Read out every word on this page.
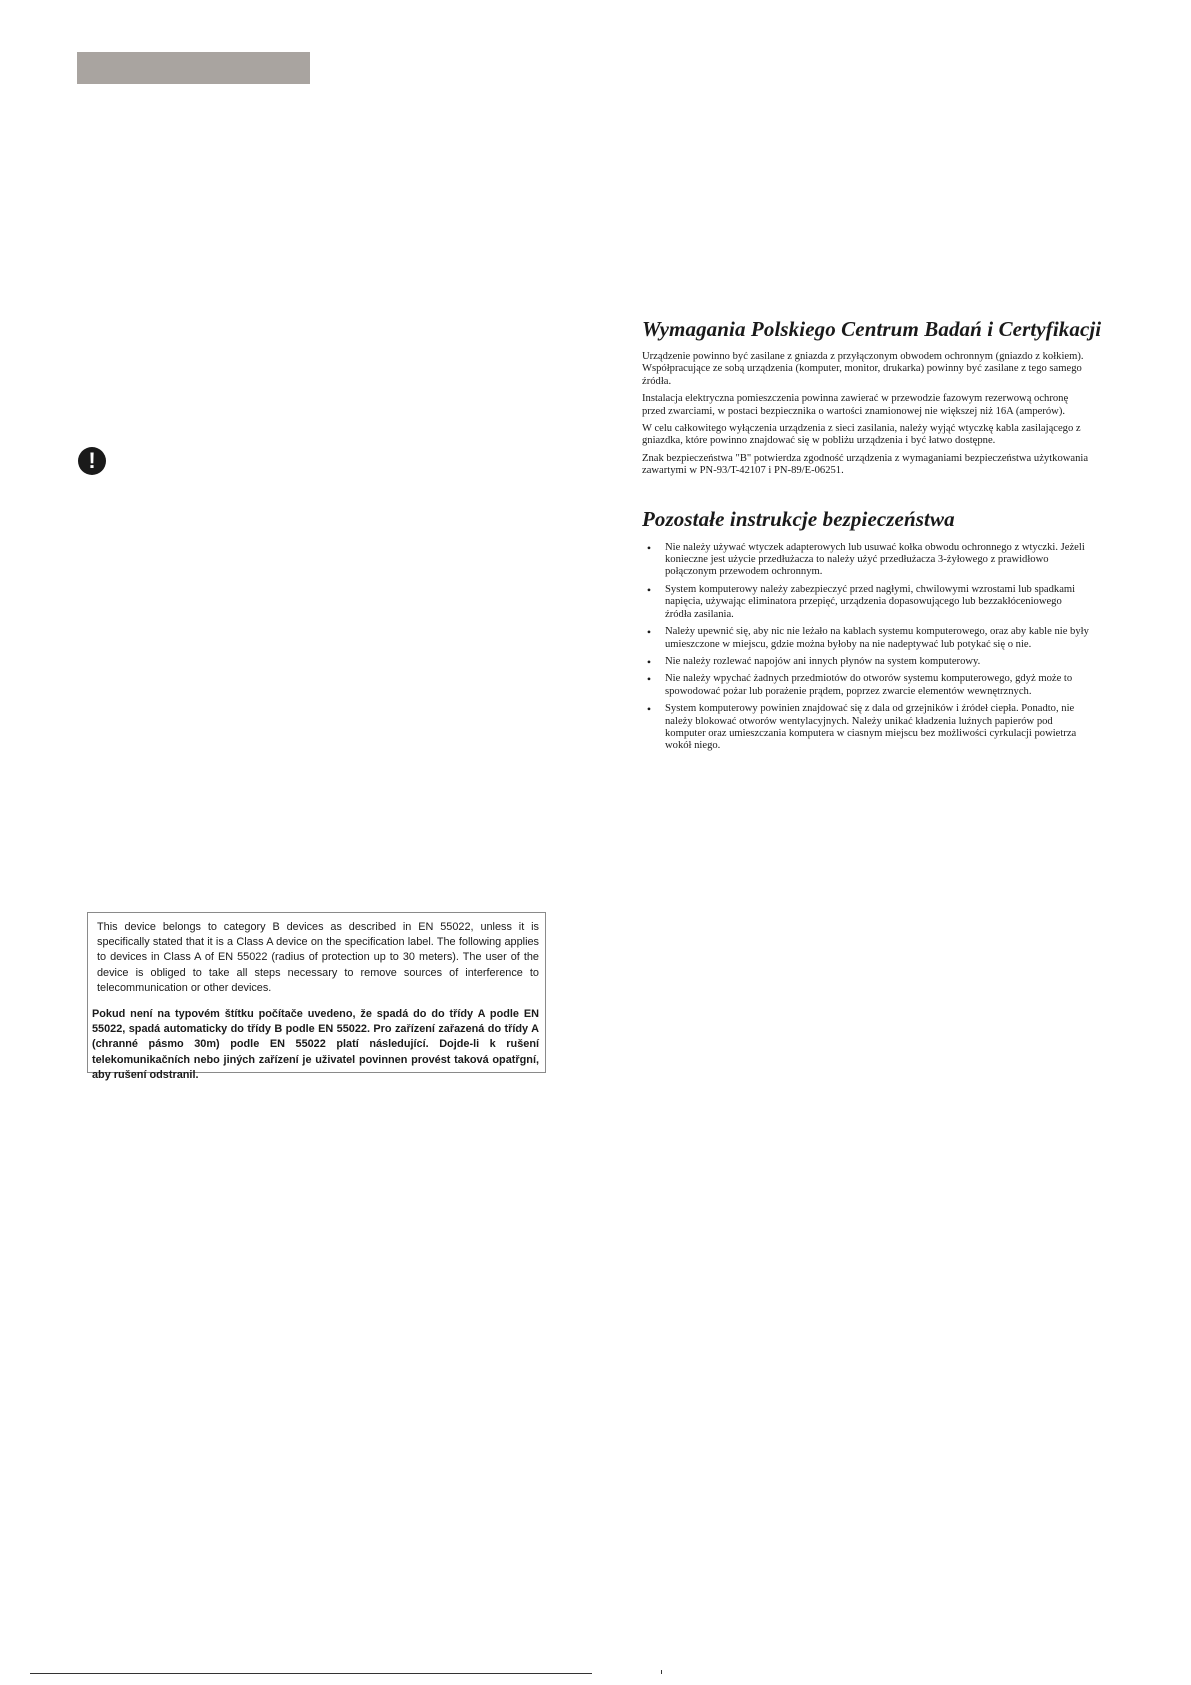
!

This device belongs to category B devices as described in EN 55022, unless it is specifically stated that it is a Class A device on the specification label. The following applies to devices in Class A of EN 55022 (radius of protection up to 30 meters). The user of the device is obliged to take all steps necessary to remove sources of interference to telecommunication or other devices.

Pokud není na typovém štítku počítače uvedeno, že spadá do do třídy A podle EN 55022, spadá automaticky do třídy B podle EN 55022. Pro zařízení zařazená do třídy A (chranné pásmo 30m) podle EN 55022 platí následující. Dojde-li k rušení telekomunikačních nebo jiných zařízení je uživatel povinnen provést taková opatřgní, aby rušení odstranil.

Wymagania Polskiego Centrum Badań i Certyfikacji

Urządzenie powinno być zasilane z gniazda z przyłączonym obwodem ochronnym (gniazdo z kołkiem). Współpracujące ze sobą urządzenia (komputer, monitor, drukarka) powinny być zasilane z tego samego źródła.

Instalacja elektryczna pomieszczenia powinna zawierać w przewodzie fazowym rezerwową ochronę przed zwarciami, w postaci bezpiecznika o wartości znamionowej nie większej niż 16A (amperów).

W celu całkowitego wyłączenia urządzenia z sieci zasilania, należy wyjąć wtyczkę kabla zasilającego z gniazdka, które powinno znajdować się w pobliżu urządzenia i być łatwo dostępne.

Znak bezpieczeństwa "B" potwierdza zgodność urządzenia z wymaganiami bezpieczeństwa użytkowania zawartymi w PN-93/T-42107 i PN-89/E-06251.

Pozostałe instrukcje bezpieczeństwa
•	Nie należy używać wtyczek adapterowych lub usuwać kołka obwodu ochronnego z wtyczki. Jeżeli konieczne jest użycie przedłużacza to należy użyć przedłużacza 3-żyłowego z prawidłowo połączonym przewodem ochronnym.
•	System komputerowy należy zabezpieczyć przed nagłymi, chwilowymi wzrostami lub spadkami napięcia, używając eliminatora przepięć, urządzenia dopasowującego lub bezzakłóceniowego źródła zasilania.
•	Należy upewnić się, aby nic nie leżało na kablach systemu komputerowego, oraz aby kable nie były umieszczone w miejscu, gdzie można byłoby na nie nadeptywać lub potykać się o nie.
•	Nie należy rozlewać napojów ani innych płynów na system komputerowy.
•	Nie należy wpychać żadnych przedmiotów do otworów systemu komputerowego, gdyż może to spowodować pożar lub porażenie prądem, poprzez zwarcie elementów wewnętrznych.
•	System komputerowy powinien znajdować się z dala od grzejników i źródeł ciepła. Ponadto, nie należy blokować otworów wentylacyjnych. Należy unikać kładzenia luźnych papierów pod komputer oraz umieszczania komputera w ciasnym miejscu bez możliwości cyrkulacji powietrza wokół niego.
